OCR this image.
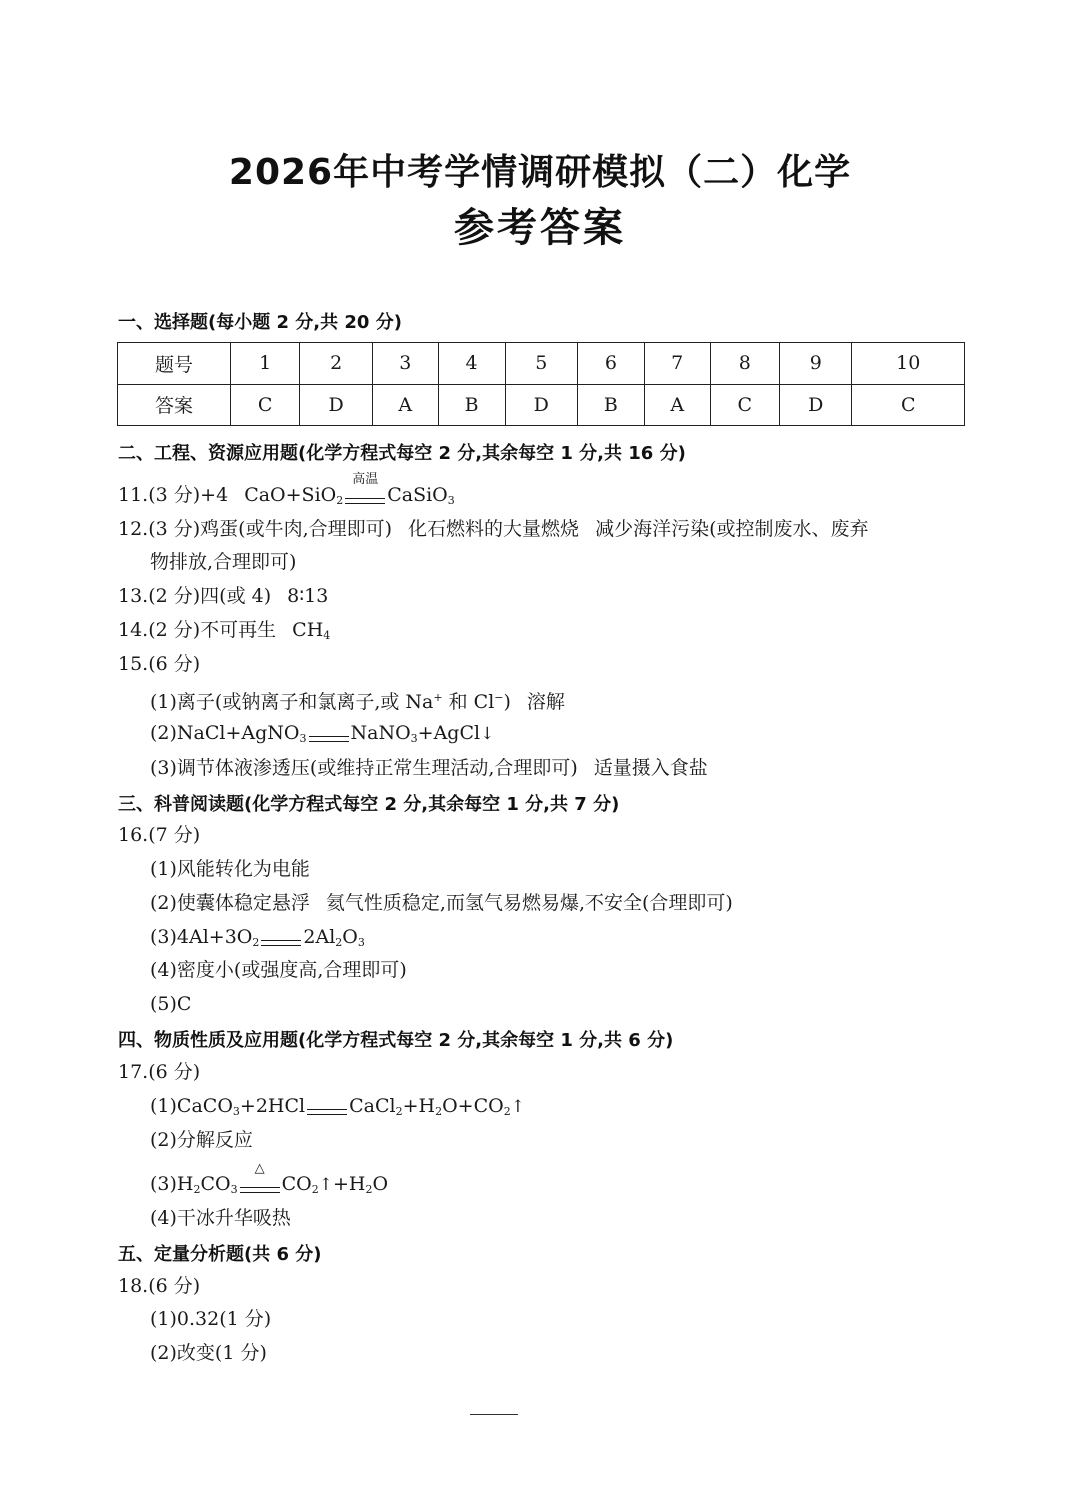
2026年中考学情调研模拟（二）化学
参考答案
一、选择题(每小题 2 分,共 20 分)
题号	1	2	3	4	5	6	7	8	9	10
答案	C	D	A	B	D	B	A	C	D	C
二、工程、资源应用题(化学方程式每空 2 分,其余每空 1 分,共 16 分)
11.(3 分)+4 CaO+SiO$_2$
高温
CaSiO$_3$
12.(3 分)鸡蛋(或牛肉,合理即可) 化石燃料的大量燃烧 减少海洋污染(或控制废水、废弃
物排放,合理即可)
13.(2 分)四(或 4) 8∶13
14.(2 分)不可再生 $CH_4$
15.(6 分)
(1)离子(或钠离子和氯离子,或 Na+ 和 Cl−) 溶解
(2)NaCl+AgNO$_3$ NaNO$_3$+AgCl↓
(3)调节体液渗透压(或维持正常生理活动,合理即可) 适量摄入食盐
三、科普阅读题(化学方程式每空 2 分,其余每空 1 分,共 7 分)
16.(7 分)
(1)风能转化为电能
(2)使囊体稳定悬浮 氦气性质稳定,而氢气易燃易爆,不安全(合理即可)
$(3)4Al+3O_2$ $2Al_2O_3$
(4)密度小(或强度高,合理即可)
(5)C
四、物质性质及应用题(化学方程式每空 2 分,其余每空 1 分,共 6 分)
17.(6 分)
(1)CaCO$_3$+2HCl $CaCl_2+H_2O+CO_2↑$
(2)分解反应
$(3)H_2CO_3$
△
$CO_2↑+H_2O$
(4)干冰升华吸热
五、定量分析题(共 6 分)
18.(6 分)
(1)0.32(1 分)
(2)改变(1 分)
